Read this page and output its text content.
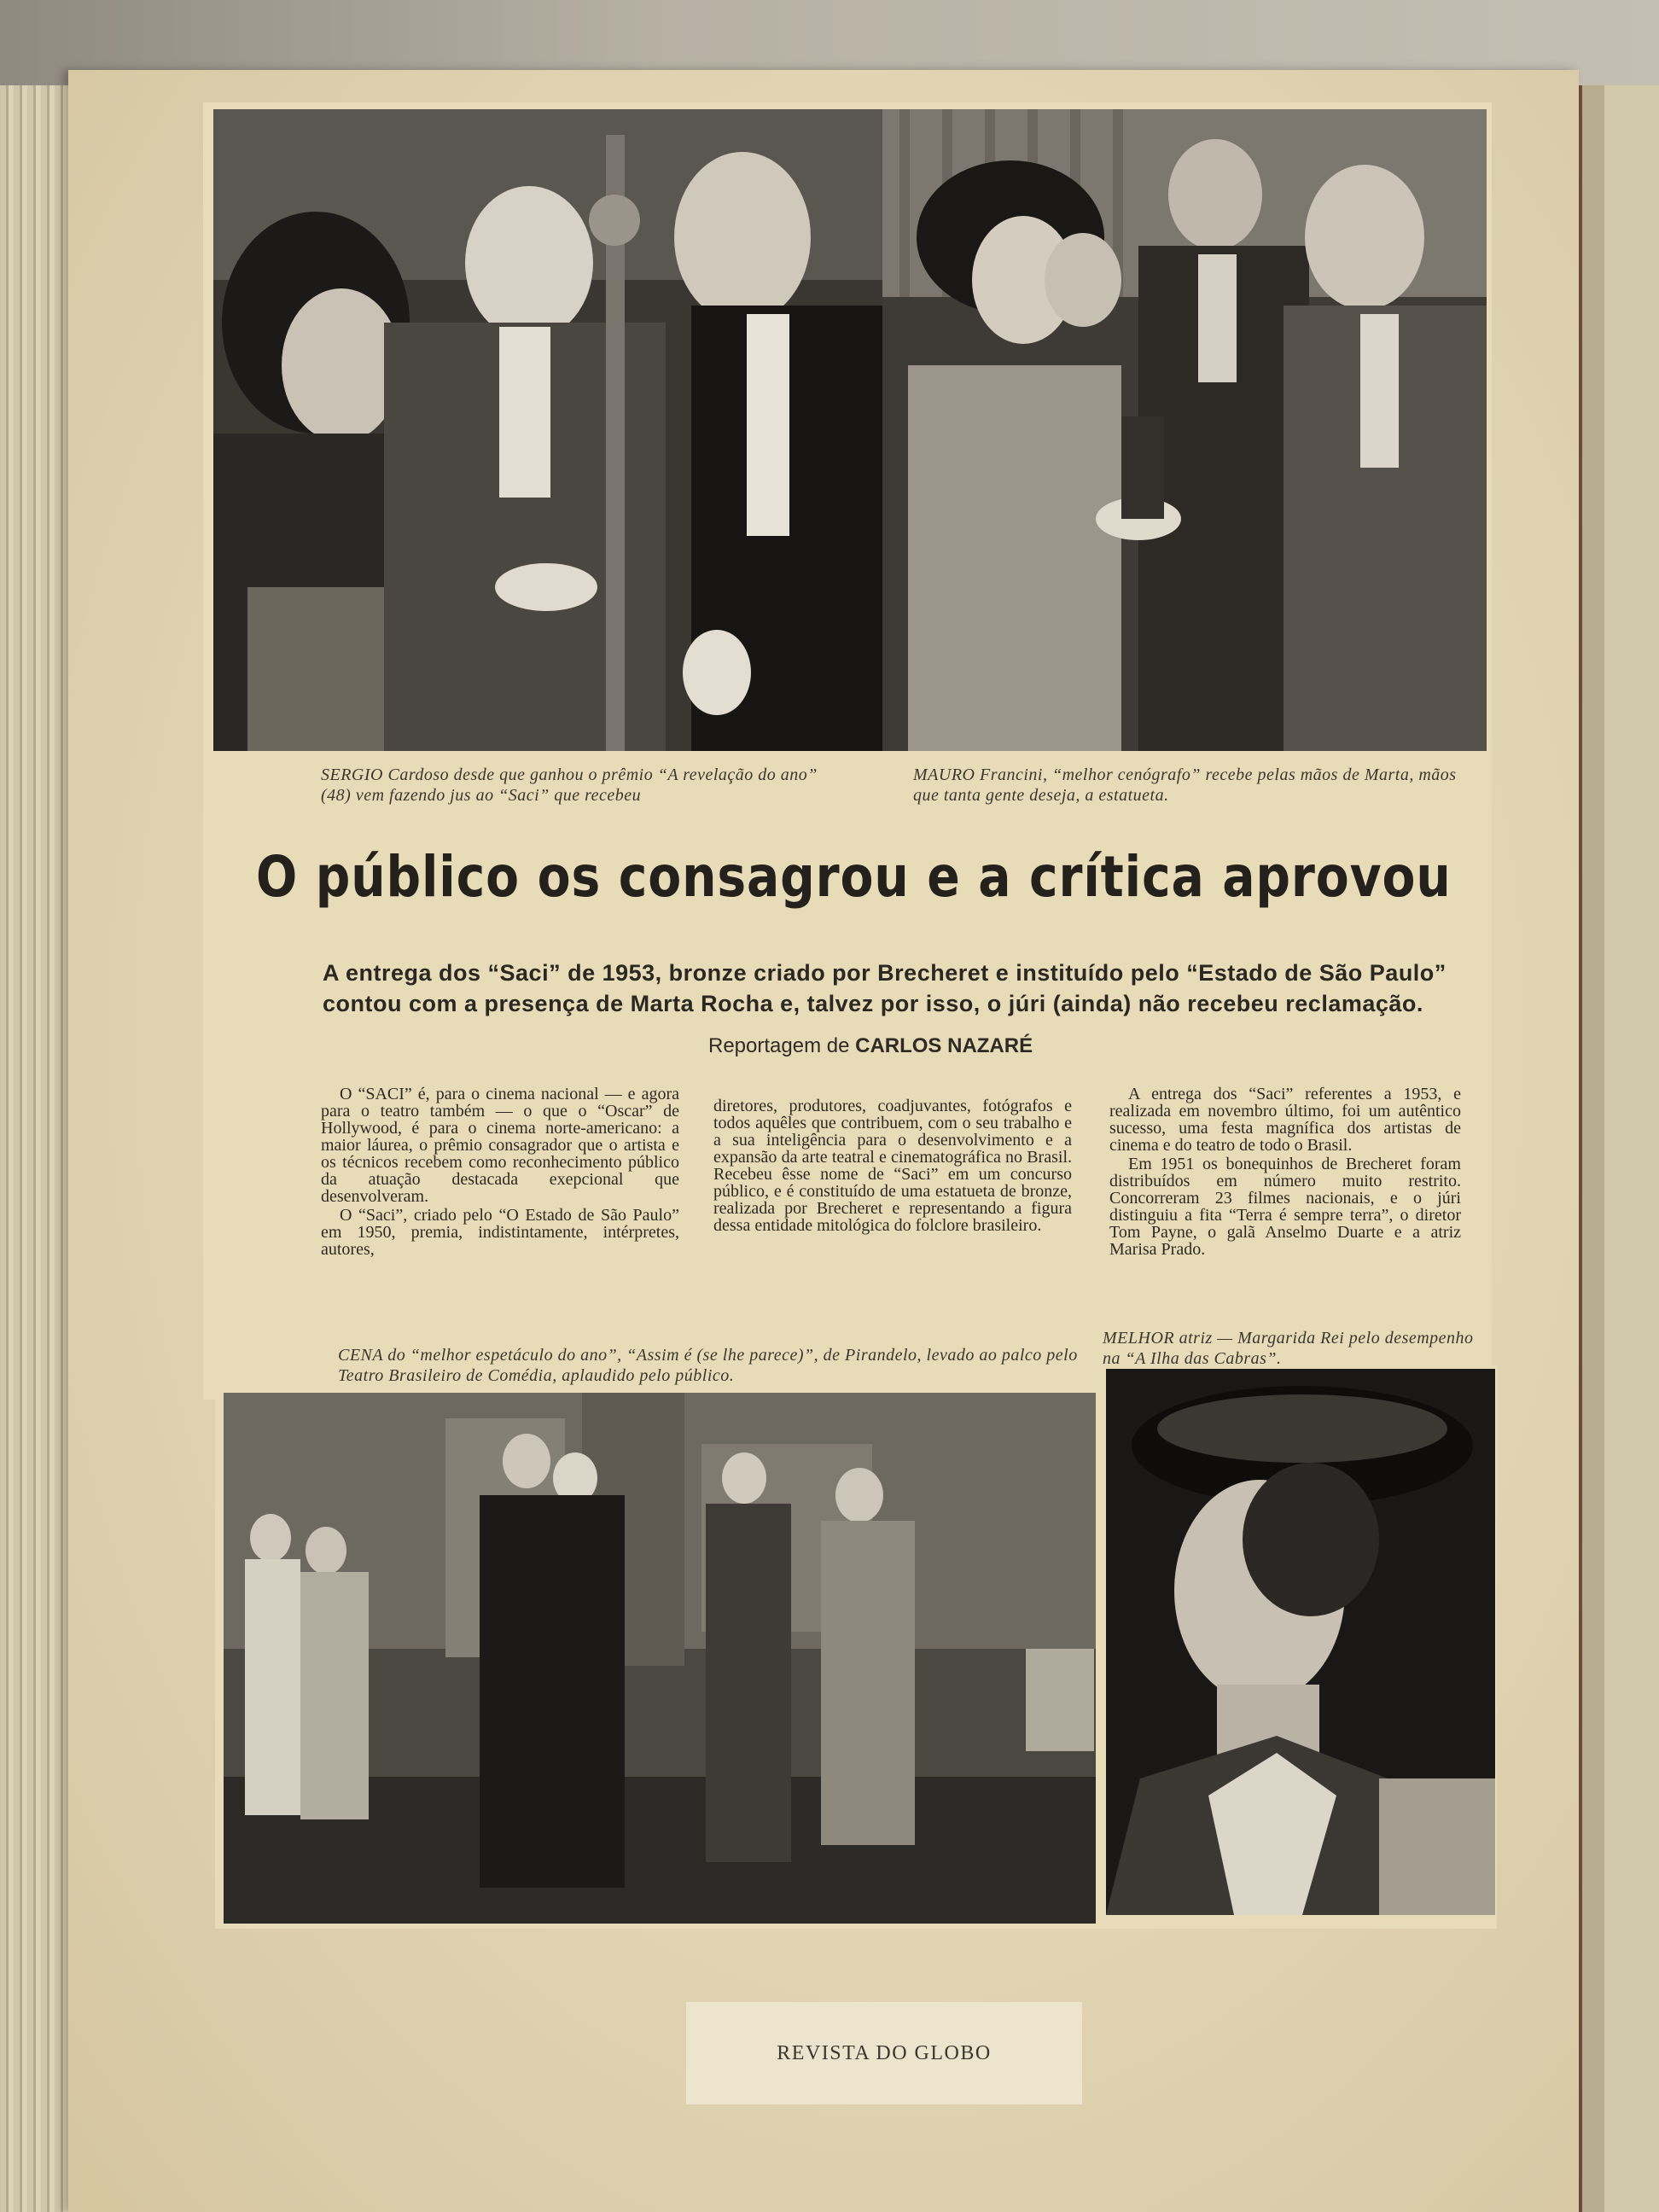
SERGIO Cardoso desde que ganhou o prêmio “A revelação do ano” (48) vem fazendo jus ao “Saci” que recebeu
MAURO Francini, “melhor cenógrafo” recebe pelas mãos de Marta, mãos que tanta gente deseja, a estatueta.
O público os consagrou e a crítica aprovou
A entrega dos “Saci” de 1953, bronze criado por Brecheret e instituído pelo “Estado de São Paulo” contou com a presença de Marta Rocha e, talvez por isso, o júri (ainda) não recebeu reclamação.
Reportagem de CARLOS NAZARÉ

O “SACI” é, para o cinema nacional — e agora para o teatro também — o que o “Oscar” de Hollywood, é para o cinema norte-americano: a maior láurea, o prêmio consagrador que o artista e os técnicos recebem como reconhecimento público da atuação destacada exepcional que desenvolveram.

O “Saci”, criado pelo “O Estado de São Paulo” em 1950, premia, indistintamente, intérpretes, autores,

diretores, produtores, coadjuvantes, fotógrafos e todos aquêles que contribuem, com o seu trabalho e a sua inteligência para o desenvolvimento e a expansão da arte teatral e cinematográfica no Brasil. Recebeu êsse nome de “Saci” em um concurso público, e é constituído de uma estatueta de bronze, realizada por Brecheret e representando a figura dessa entidade mitológica do folclore brasileiro.

A entrega dos “Saci” referentes a 1953, e realizada em novembro último, foi um autêntico sucesso, uma festa magnífica dos artistas de cinema e do teatro de todo o Brasil.

Em 1951 os bonequinhos de Brecheret foram distribuídos em número muito restrito. Concorreram 23 filmes nacionais, e o júri distinguiu a fita “Terra é sempre terra”, o diretor Tom Payne, o galã Anselmo Duarte e a atriz Marisa Prado.

CENA do “melhor espetáculo do ano”, “Assim é (se lhe parece)”, de Pirandelo, levado ao palco pelo Teatro Brasileiro de Comédia, aplaudido pelo público.
MELHOR atriz — Margarida Rei pelo desempenho na “A Ilha das Cabras”.
REVISTA DO GLOBO
